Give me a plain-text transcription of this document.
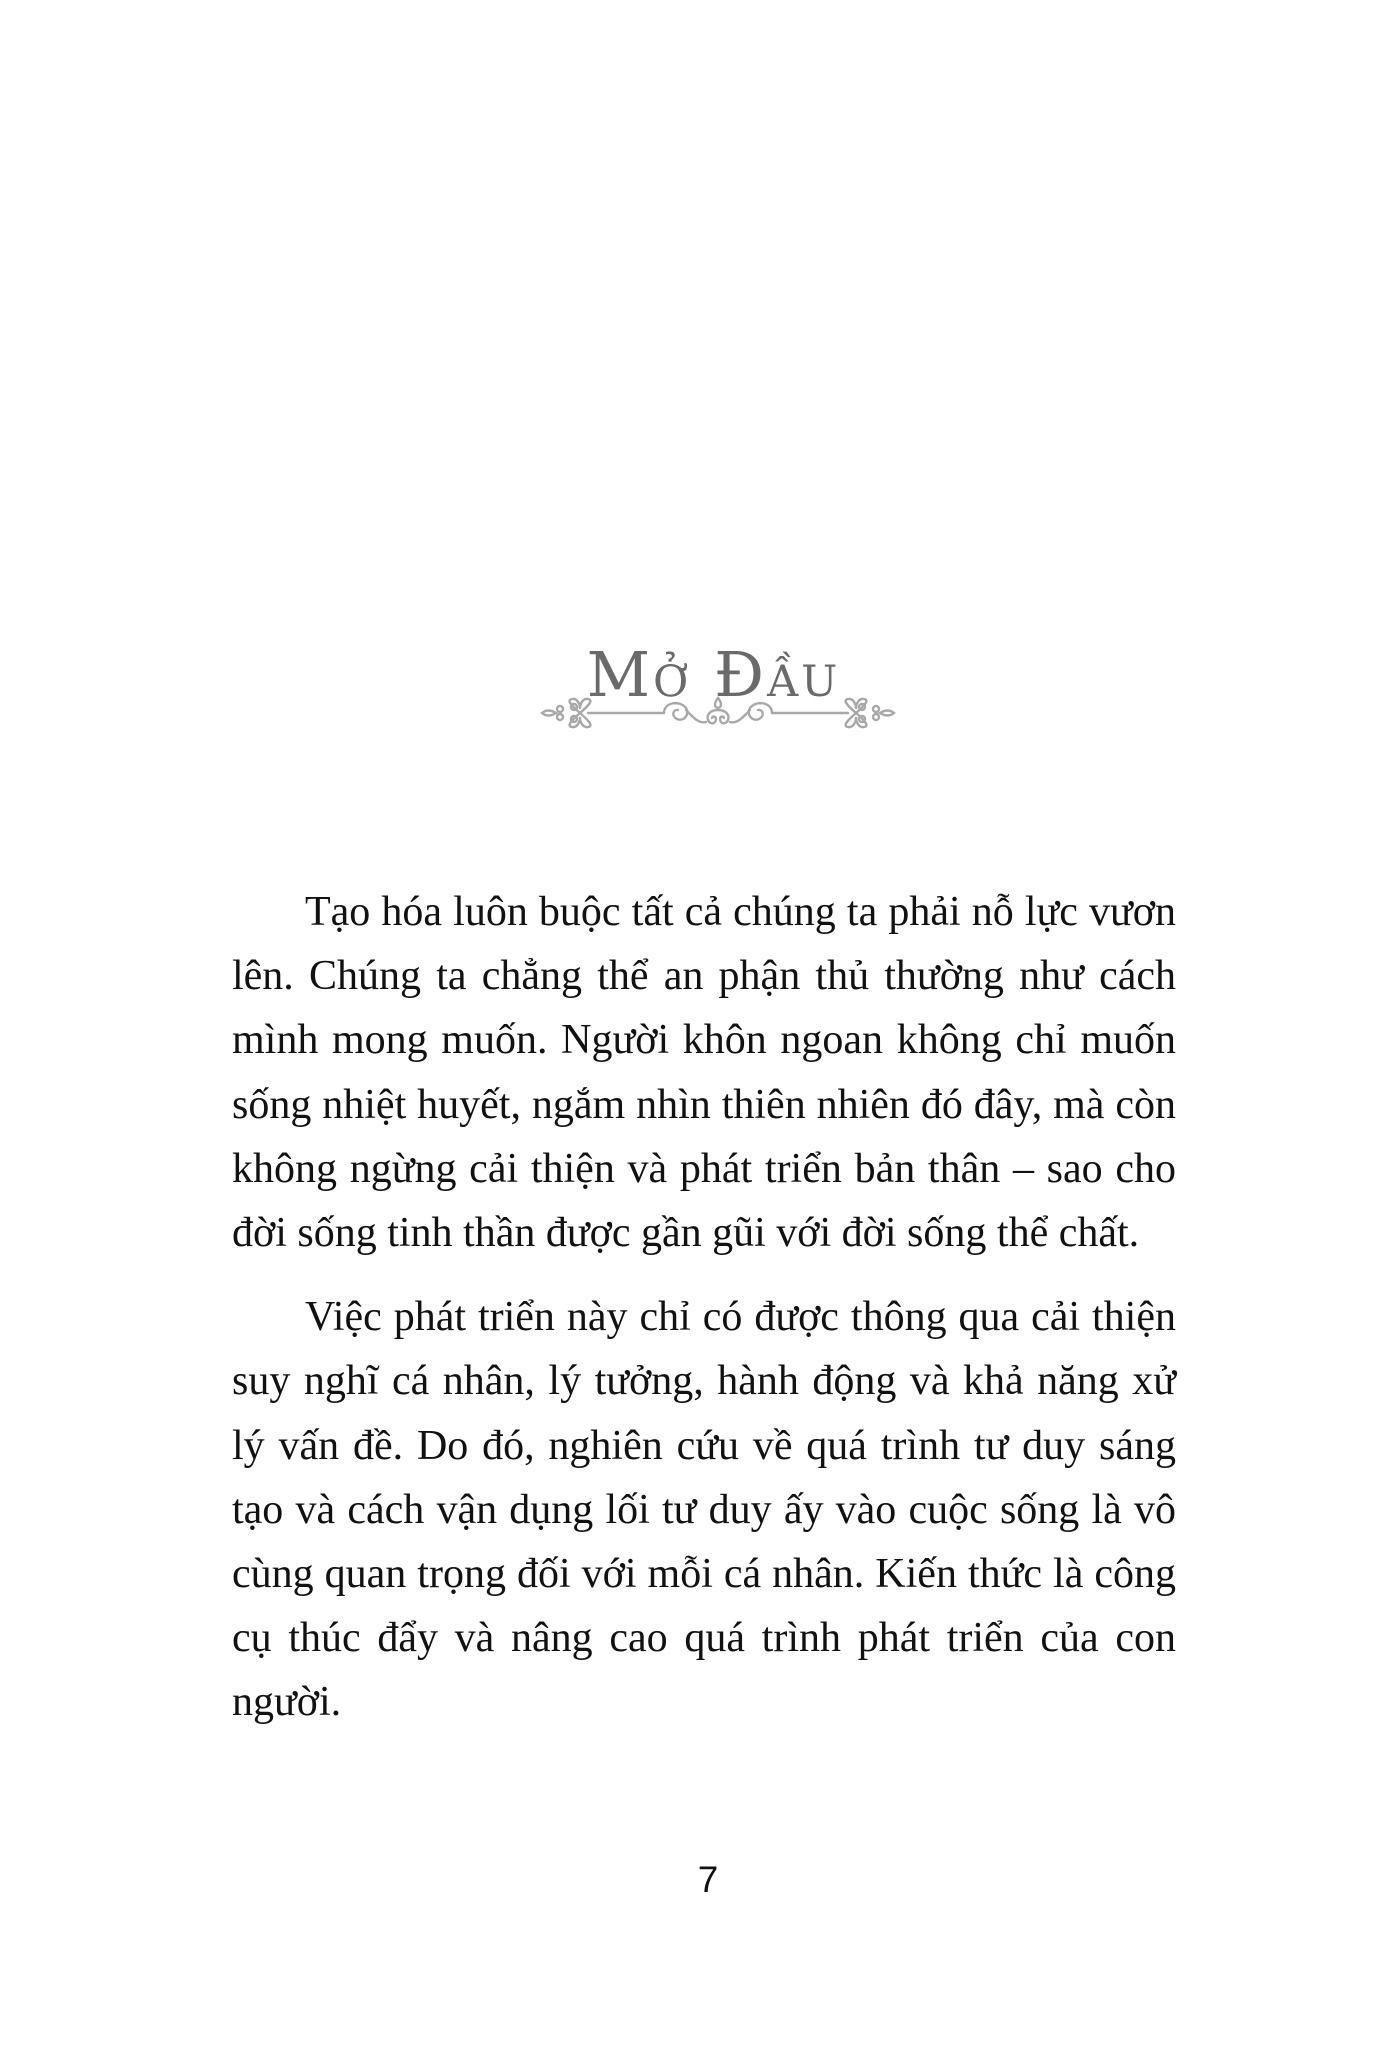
Mở Đầu

Tạo hóa luôn buộc tất cả chúng ta phải nỗ lực vươn lên. Chúng ta chẳng thể an phận thủ thường như cách mình mong muốn. Người khôn ngoan không chỉ muốn sống nhiệt huyết, ngắm nhìn thiên nhiên đó đây, mà còn không ngừng cải thiện và phát triển bản thân – sao cho đời sống tinh thần được gần gũi với đời sống thể chất.

Việc phát triển này chỉ có được thông qua cải thiện suy nghĩ cá nhân, lý tưởng, hành động và khả năng xử lý vấn đề. Do đó, nghiên cứu về quá trình tư duy sáng tạo và cách vận dụng lối tư duy ấy vào cuộc sống là vô cùng quan trọng đối với mỗi cá nhân. Kiến thức là công cụ thúc đẩy và nâng cao quá trình phát triển của con người.

7
